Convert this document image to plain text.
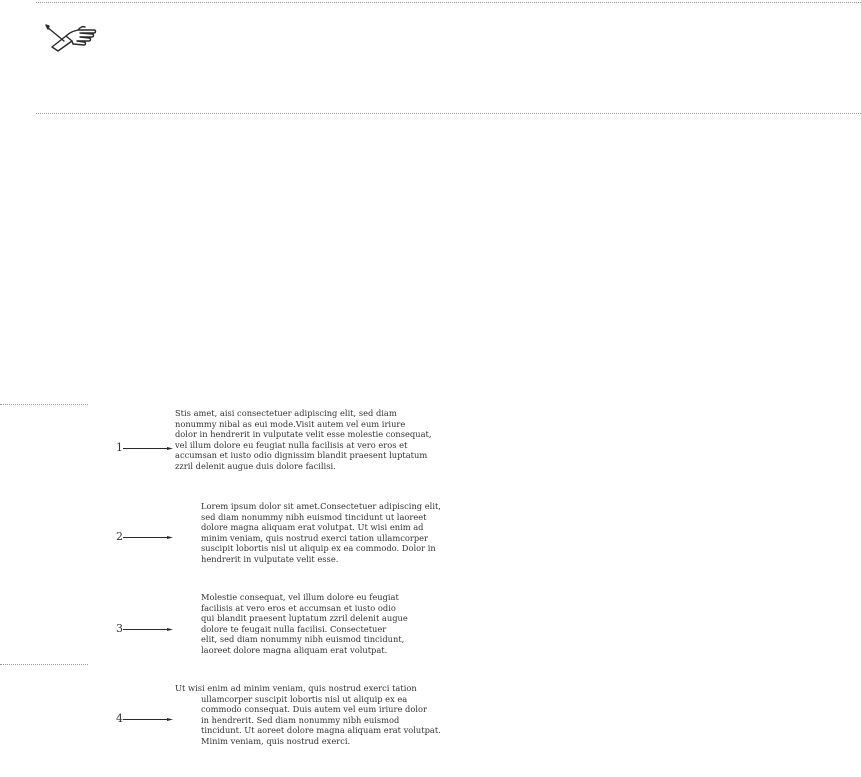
1

Stis amet, aisi consectetuer adipiscing elit, sed diam
nonummy nibal as eui mode.Visit autem vel eum iriure
dolor in hendrerit in vulputate velit esse molestie consequat,
vel illum dolore eu feugiat nulla facilisis at vero eros et
accumsan et iusto odio dignissim blandit praesent luptatum
zzril delenit augue duis dolore facilisi.

2

Lorem ipsum dolor sit amet.Consectetuer adipiscing elit,
sed diam nonummy nibh euismod tincidunt ut laoreet
dolore magna aliquam erat volutpat. Ut wisi enim ad
minim veniam, quis nostrud exerci tation ullamcorper
suscipit lobortis nisl ut aliquip ex ea commodo. Dolor in
hendrerit in vulputate velit esse.

3

Molestie consequat, vel illum dolore eu feugiat
facilisis at vero eros et accumsan et iusto odio
qui blandit praesent luptatum zzril delenit augue
dolore te feugait nulla facilisi. Consectetuer
elit, sed diam nonummy nibh euismod tincidunt,
laoreet dolore magna aliquam erat volutpat.

4

Ut wisi enim ad minim veniam, quis nostrud exerci tation
ullamcorper suscipit lobortis nisl ut aliquip ex ea
commodo consequat. Duis autem vel eum iriure dolor
in hendrerit. Sed diam nonummy nibh euismod
tincidunt. Ut aoreet dolore magna aliquam erat volutpat.
Minim veniam, quis nostrud exerci.
